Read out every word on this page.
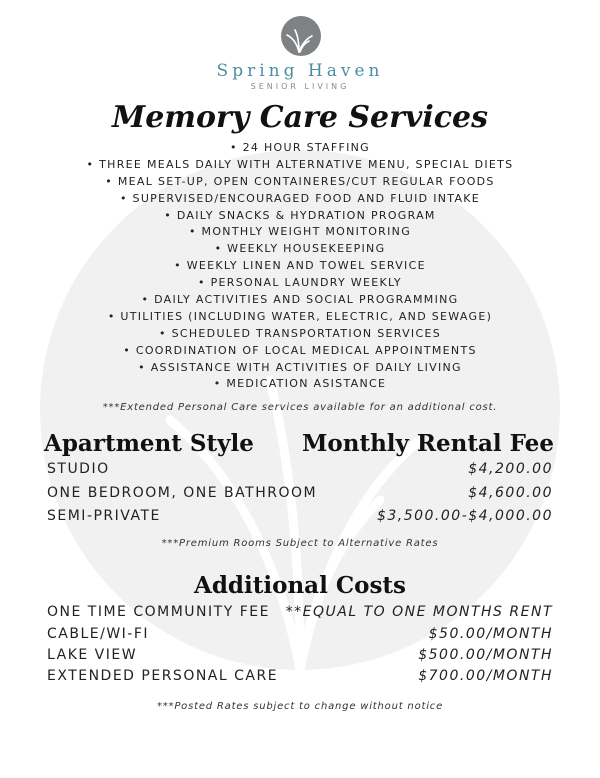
Spring Haven
SENIOR LIVING
Memory Care Services
• 24 HOUR STAFFING
• THREE MEALS DAILY WITH ALTERNATIVE MENU, SPECIAL DIETS
• MEAL SET-UP, OPEN CONTAINERES/CUT REGULAR FOODS
• SUPERVISED/ENCOURAGED FOOD AND FLUID INTAKE
• DAILY SNACKS & HYDRATION PROGRAM
• MONTHLY WEIGHT MONITORING
• WEEKLY HOUSEKEEPING
• WEEKLY LINEN AND TOWEL SERVICE
• PERSONAL LAUNDRY WEEKLY
• DAILY ACTIVITIES AND SOCIAL PROGRAMMING
• UTILITIES (INCLUDING WATER, ELECTRIC, AND SEWAGE)
• SCHEDULED TRANSPORTATION SERVICES
• COORDINATION OF LOCAL MEDICAL APPOINTMENTS
• ASSISTANCE WITH ACTIVITIES OF DAILY LIVING
• MEDICATION ASISTANCE
***Extended Personal Care services available for an additional cost.
Apartment Style Monthly Rental Fee
STUDIO	$4,200.00
ONE BEDROOM, ONE BATHROOM	$4,600.00
SEMI-PRIVATE	$3,500.00-$4,000.00
***Premium Rooms Subject to Alternative Rates
Additional Costs
ONE TIME COMMUNITY FEE **EQUAL TO ONE MONTHS RENT
CABLE/WI-FI	$50.00/MONTH
LAKE VIEW	$500.00/MONTH
EXTENDED PERSONAL CARE	$700.00/MONTH
***Posted Rates subject to change without notice
